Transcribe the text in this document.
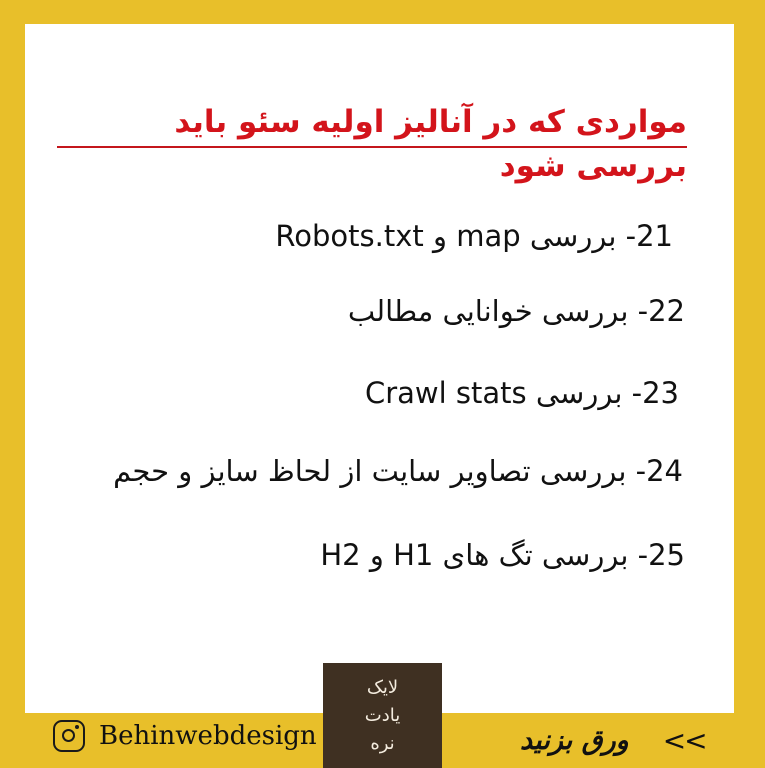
مواردی که در آنالیز اولیه سئو باید بررسی شود
21- بررسی map و Robots.txt
22- بررسی خوانایی مطالب
23- بررسی Crawl stats
24- بررسی تصاویر سایت از لحاظ سایز و حجم
25- بررسی تگ های H1 و H2
Behinwebdesign
لایک
یادت
نره	ورق بزنید <<
